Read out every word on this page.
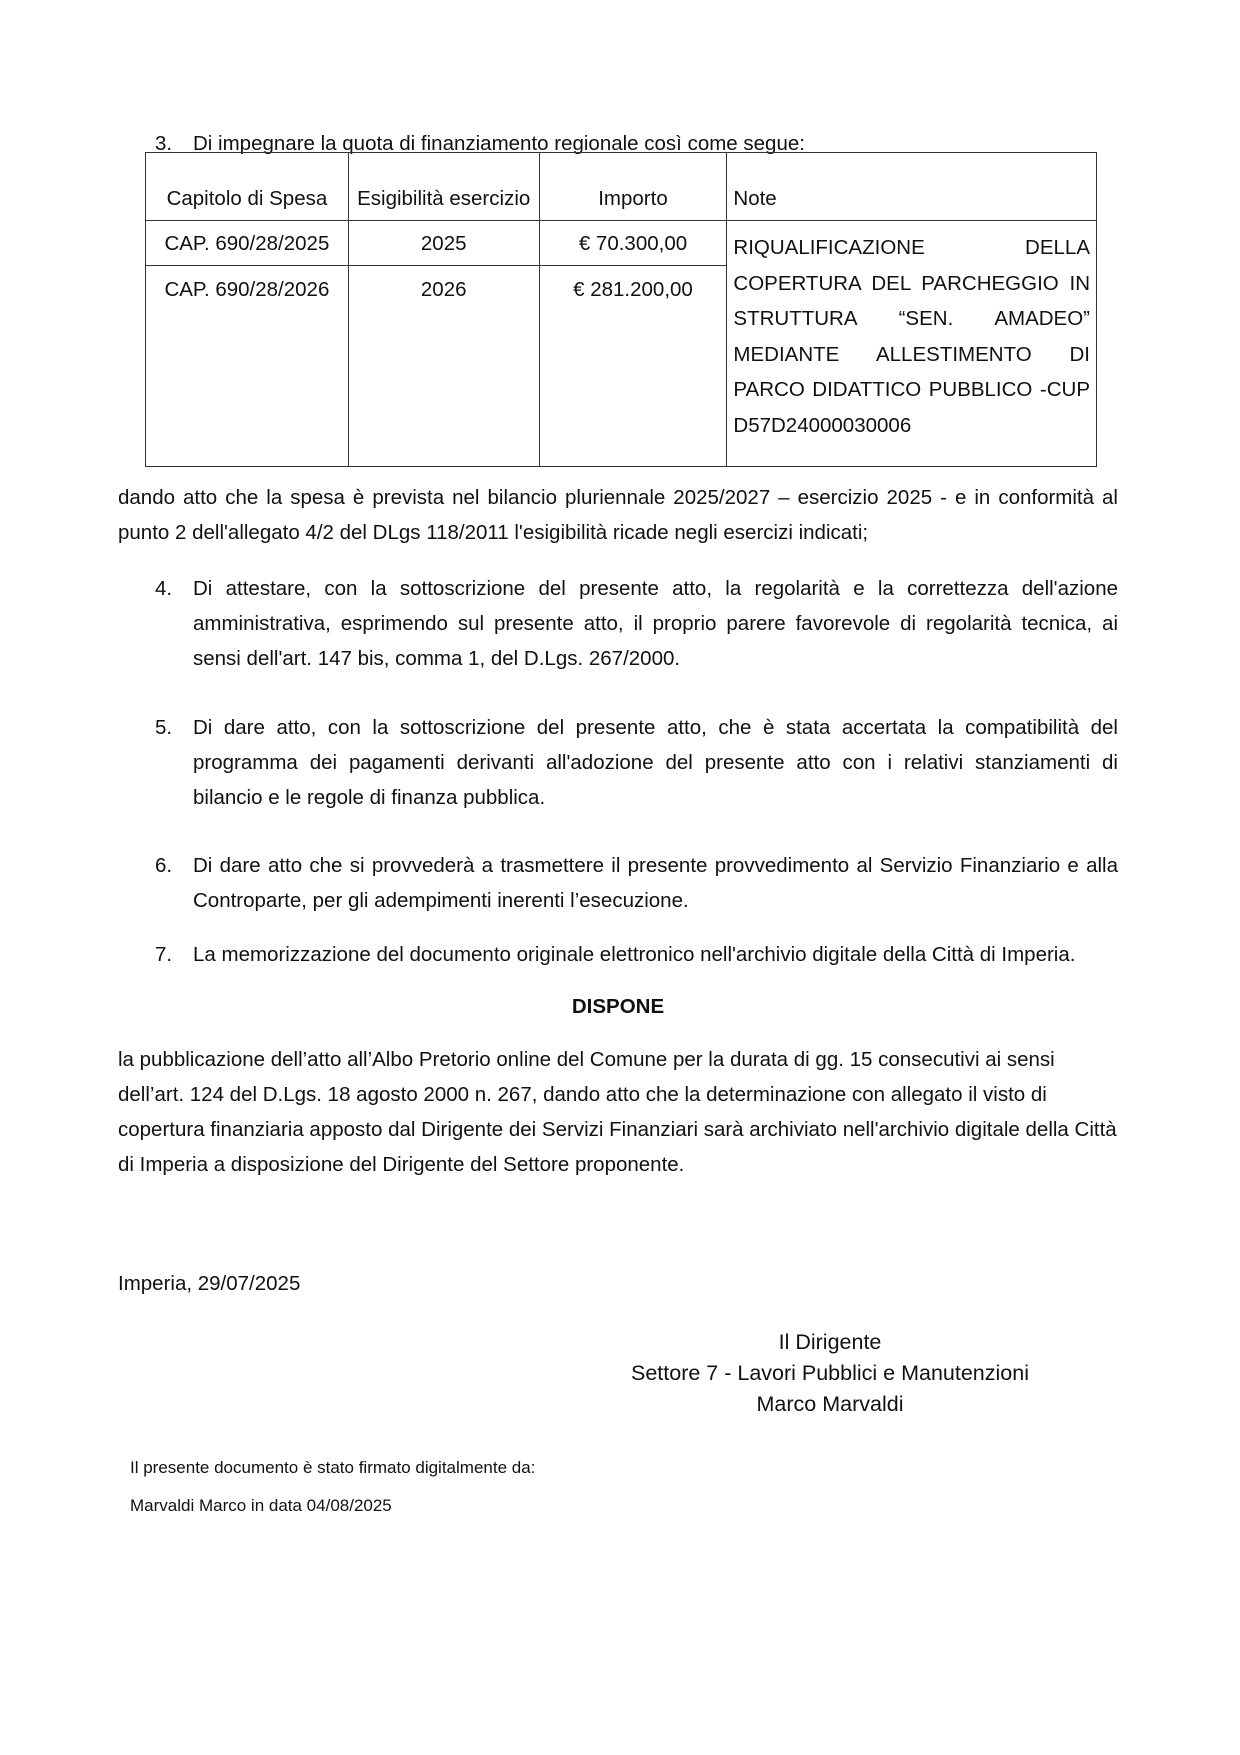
3. Di impegnare la quota di finanziamento regionale così come segue:
Capitolo di Spesa	Esigibilità esercizio	Importo	Note
CAP. 690/28/2025	2025	€ 70.300,00	RIQUALIFICAZIONE DELLA COPERTURA DEL PARCHEGGIO IN STRUTTURA “SEN. AMADEO” MEDIANTE ALLESTIMENTO DI PARCO DIDATTICO PUBBLICO -CUP D57D24000030006
CAP. 690/28/2026	2026	€ 281.200,00	
dando atto che la spesa è prevista nel bilancio pluriennale 2025/2027 – esercizio 2025 - e in conformità al punto 2 dell'allegato 4/2 del DLgs 118/2011 l'esigibilità ricade negli esercizi indicati;
4. Di attestare, con la sottoscrizione del presente atto, la regolarità e la correttezza dell'azione amministrativa, esprimendo sul presente atto, il proprio parere favorevole di regolarità tecnica, ai sensi dell'art. 147 bis, comma 1, del D.Lgs. 267/2000.
5. Di dare atto, con la sottoscrizione del presente atto, che è stata accertata la compatibilità del programma dei pagamenti derivanti all'adozione del presente atto con i relativi stanziamenti di bilancio e le regole di finanza pubblica.
6. Di dare atto che si provvederà a trasmettere il presente provvedimento al Servizio Finanziario e alla Controparte, per gli adempimenti inerenti l’esecuzione.
7. La memorizzazione del documento originale elettronico nell'archivio digitale della Città di Imperia.
DISPONE
la pubblicazione dell’atto all’Albo Pretorio online del Comune per la durata di gg. 15 consecutivi ai sensi dell’art. 124 del D.Lgs. 18 agosto 2000 n. 267, dando atto che la determinazione con allegato il visto di copertura finanziaria apposto dal Dirigente dei Servizi Finanziari sarà archiviato nell'archivio digitale della Città di Imperia a disposizione del Dirigente del Settore proponente.
Imperia, 29/07/2025
Il Dirigente
Settore 7 - Lavori Pubblici e Manutenzioni
Marco Marvaldi
Il presente documento è stato firmato digitalmente da:
Marvaldi Marco in data 04/08/2025
